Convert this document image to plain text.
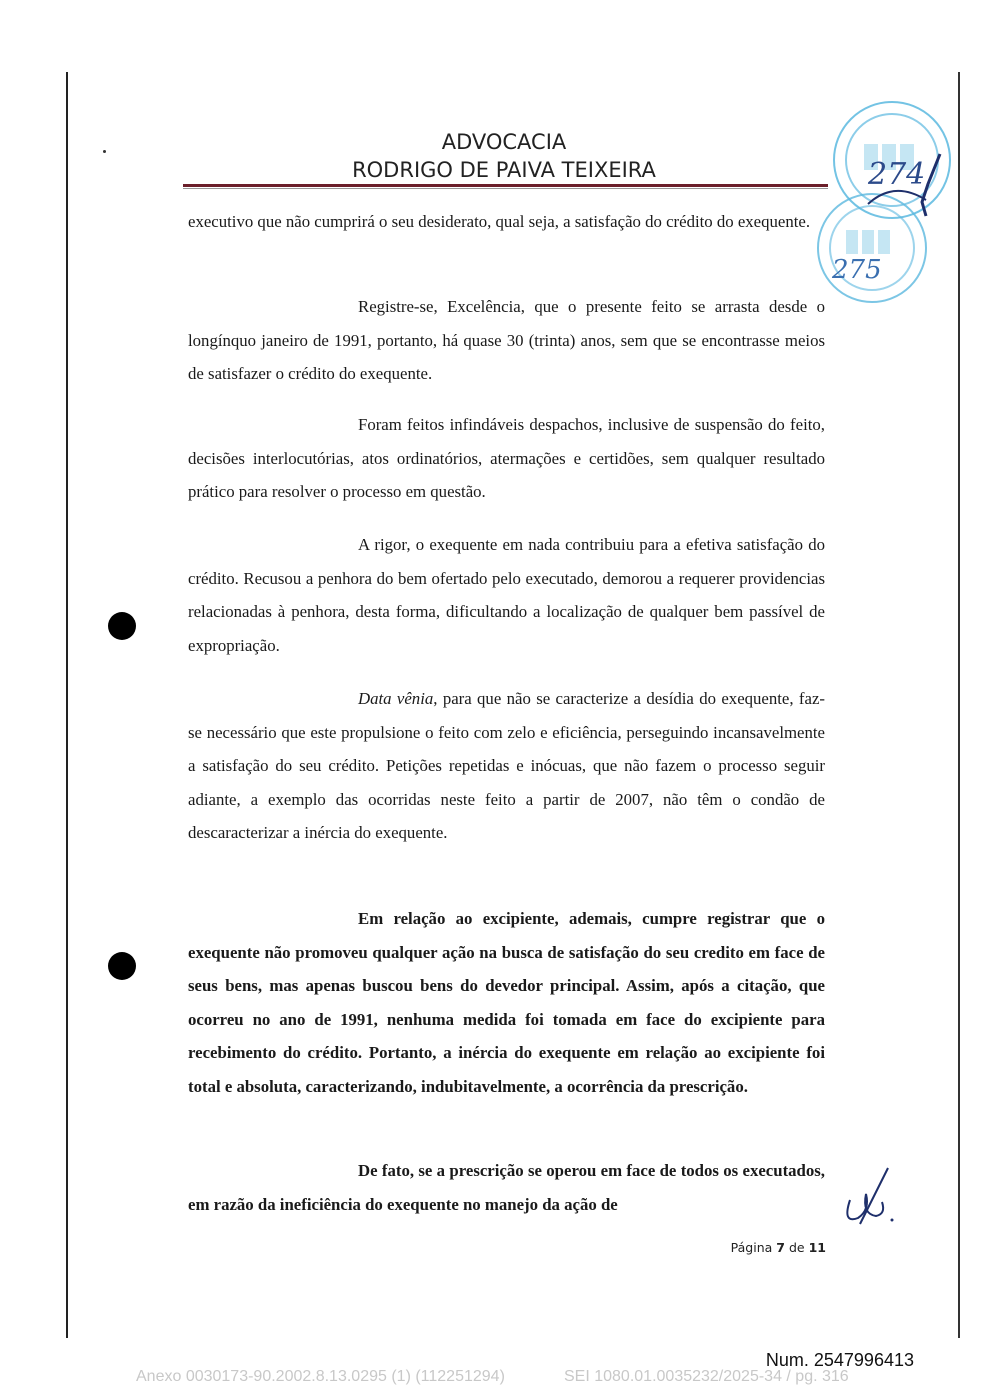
ADVOCACIA
RODRIGO DE PAIVA TEIXEIRA	274
275

executivo que não cumprirá o seu desiderato, qual seja, a satisfação do crédito do exequente.

Registre-se, Excelência, que o presente feito se arrasta desde o longínquo janeiro de 1991, portanto, há quase 30 (trinta) anos, sem que se encontrasse meios de satisfazer o crédito do exequente.

Foram feitos infindáveis despachos, inclusive de suspensão do feito, decisões interlocutórias, atos ordinatórios, atermações e certidões, sem qualquer resultado prático para resolver o processo em questão.

A rigor, o exequente em nada contribuiu para a efetiva satisfação do crédito. Recusou a penhora do bem ofertado pelo executado, demorou a requerer providencias relacionadas à penhora, desta forma, dificultando a localização de qualquer bem passível de expropriação.

Data vênia, para que não se caracterize a desídia do exequente, faz-se necessário que este propulsione o feito com zelo e eficiência, perseguindo incansavelmente a satisfação do seu crédito. Petições repetidas e inócuas, que não fazem o processo seguir adiante, a exemplo das ocorridas neste feito a partir de 2007, não têm o condão de descaracterizar a inércia do exequente.

Em relação ao excipiente, ademais, cumpre registrar que o exequente não promoveu qualquer ação na busca de satisfação do seu credito em face de seus bens, mas apenas buscou bens do devedor principal. Assim, após a citação, que ocorreu no ano de 1991, nenhuma medida foi tomada em face do excipiente para recebimento do crédito. Portanto, a inércia do exequente em relação ao excipiente foi total e absoluta, caracterizando, indubitavelmente, a ocorrência da prescrição.

De fato, se a prescrição se operou em face de todos os executados, em razão da ineficiência do exequente no manejo da ação de

Página 7 de 11
Num. 2547996413
Anexo 0030173-90.2002.8.13.0295 (1) (112251294)	SEI 1080.01.0035232/2025-34 / pg. 316
